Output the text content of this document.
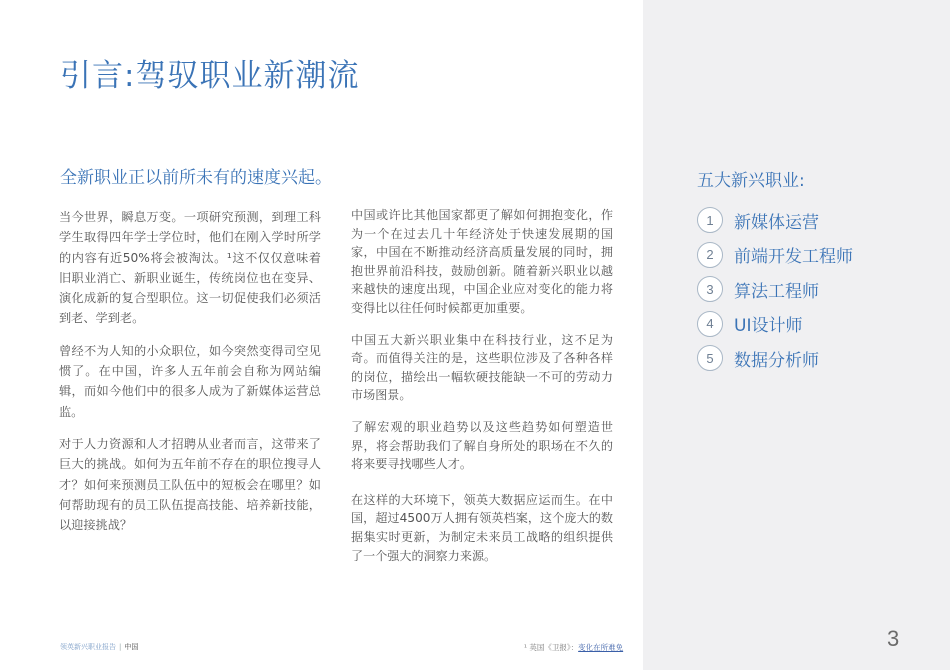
引言:驾驭职业新潮流
全新职业正以前所未有的速度兴起。

当今世界，瞬息万变。一项研究预测，到理工科学生取得四年学士学位时，他们在刚入学时所学的内容有近50%将会被淘汰。¹这不仅仅意味着旧职业消亡、新职业诞生，传统岗位也在变异、演化成新的复合型职位。这一切促使我们必须活到老、学到老。

曾经不为人知的小众职位，如今突然变得司空见惯了。在中国，许多人五年前会自称为网站编辑，而如今他们中的很多人成为了新媒体运营总监。

对于人力资源和人才招聘从业者而言，这带来了巨大的挑战。如何为五年前不存在的职位搜寻人才？如何来预测员工队伍中的短板会在哪里？如何帮助现有的员工队伍提高技能、培养新技能，以迎接挑战？

中国或许比其他国家都更了解如何拥抱变化，作为一个在过去几十年经济处于快速发展期的国家，中国在不断推动经济高质量发展的同时，拥抱世界前沿科技，鼓励创新。随着新兴职业以越来越快的速度出现，中国企业应对变化的能力将变得比以往任何时候都更加重要。

中国五大新兴职业集中在科技行业，这不足为奇。而值得关注的是，这些职位涉及了各种各样的岗位，描绘出一幅软硬技能缺一不可的劳动力市场图景。

了解宏观的职业趋势以及这些趋势如何塑造世界，将会帮助我们了解自身所处的职场在不久的将来要寻找哪些人才。

在这样的大环境下，领英大数据应运而生。在中国，超过4500万人拥有领英档案，这个庞大的数据集实时更新，为制定未来员工战略的组织提供了一个强大的洞察力来源。

五大新兴职业:
1	新媒体运营
2	前端开发工程师
3	算法工程师
4	UI设计师
5	数据分析师
领英新兴职业报告 | 中国	¹ 英国《卫报》：变化在所难免	3
